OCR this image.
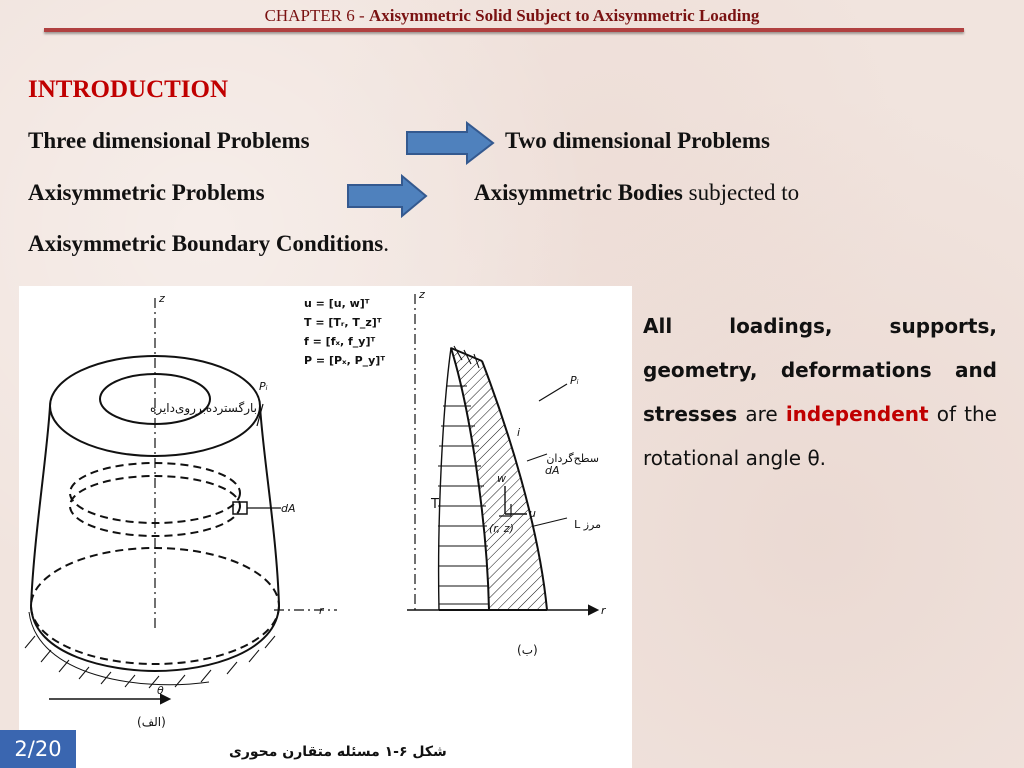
CHAPTER 6 - Axisymmetric Solid Subject to Axisymmetric Loading
INTRODUCTION
Three dimensional Problems	Two dimensional Problems
Axisymmetric Problems	Axisymmetric Bodies subjected to
Axisymmetric Boundary Conditions.
z
r
θ
Pᵢ
dA
u = [u, w]ᵀ
T = [Tᵣ, T_z]ᵀ
f = [fₓ, f_y]ᵀ
P = [Pₓ, P_y]ᵀ
بارگسترده‌برروی‌دایره
(الف)
z
r
Pᵢ
i
dA
T
w
u
(r, z)
سطح‌گردان
مرز L
(ب)
شکل ۶-۱ مسئله متقارن محوری
All loadings, supports, geometry, deformations and stresses are independent of the rotational angle θ.
2/20
